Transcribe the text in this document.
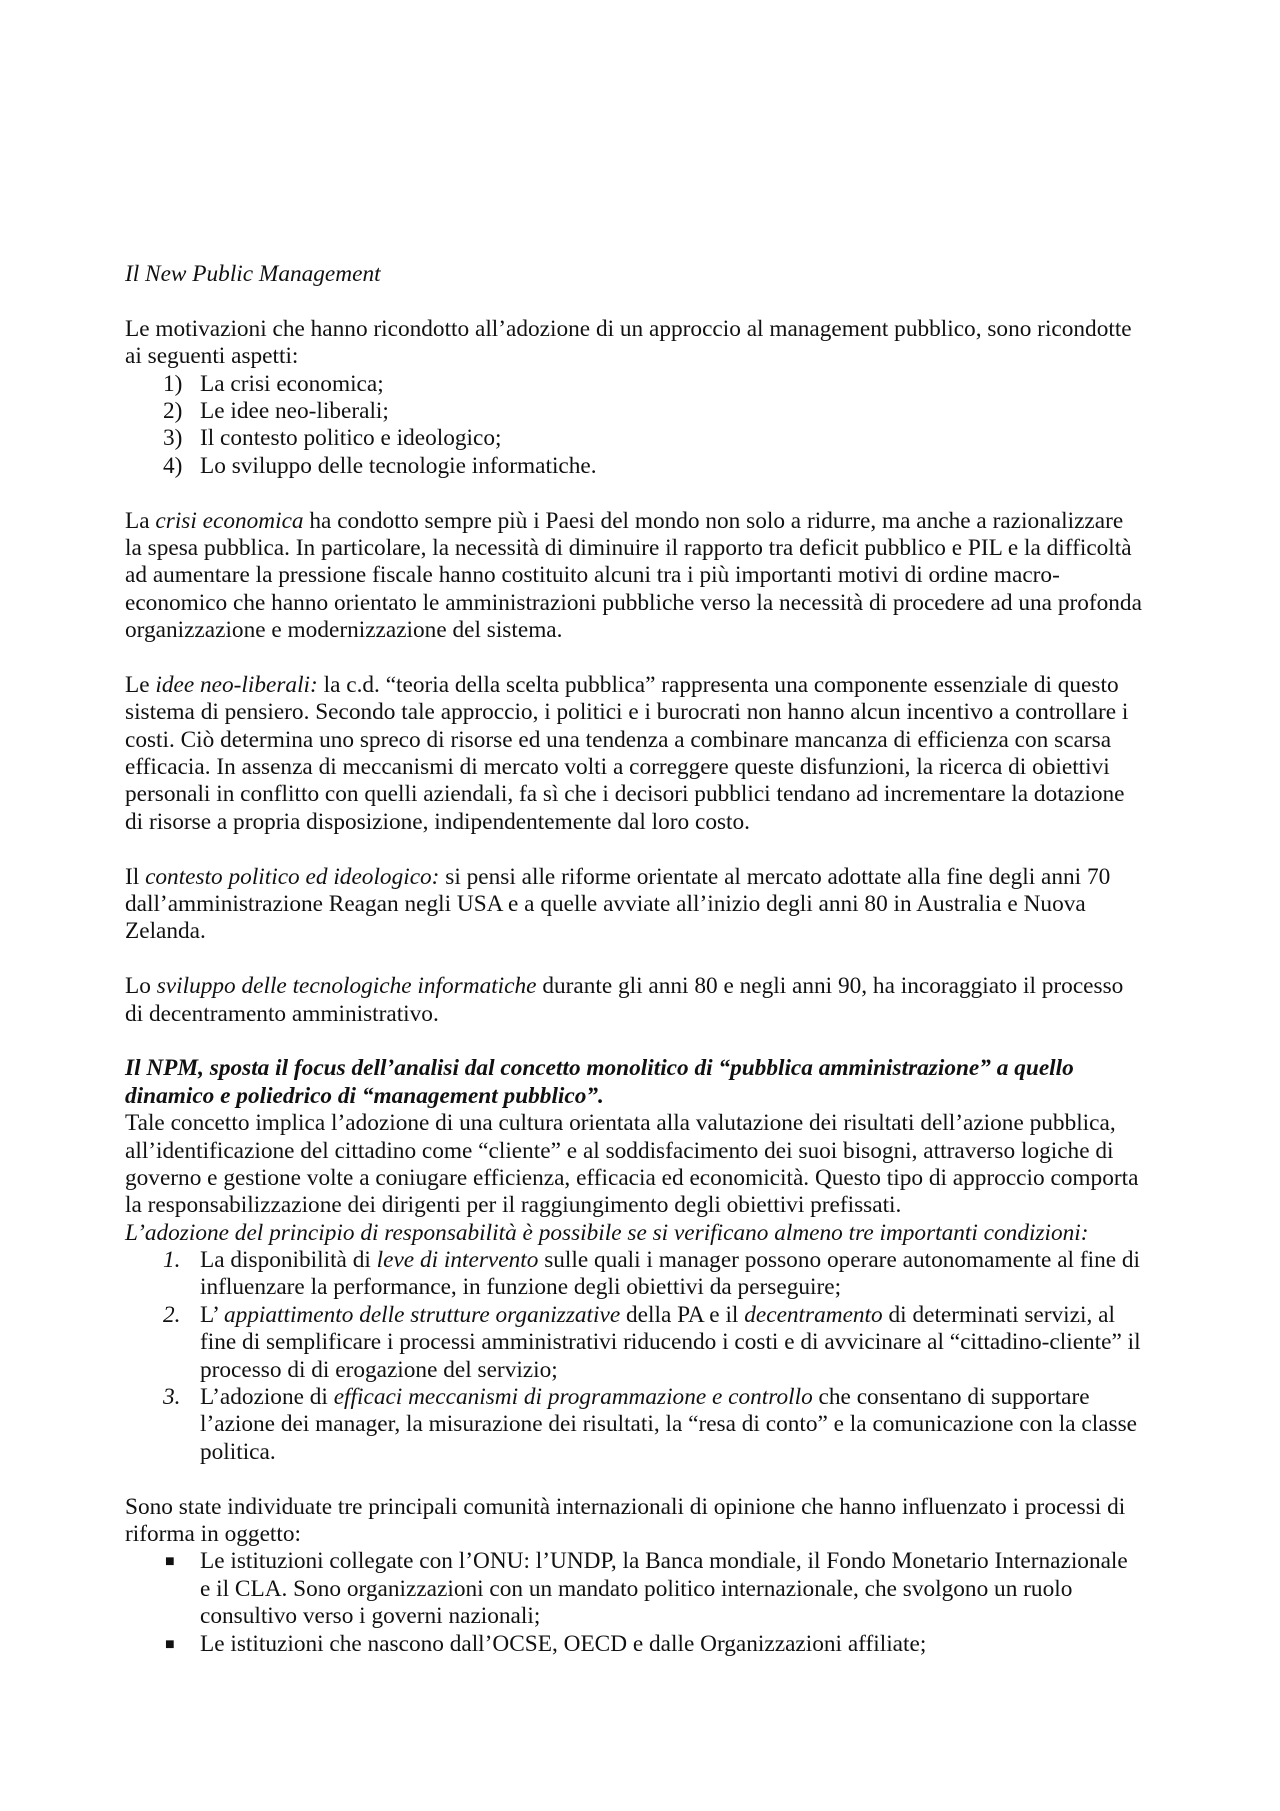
Il New Public Management
Le motivazioni che hanno ricondotto all’adozione di un approccio al management pubblico, sono ricondotte
ai seguenti aspetti:
1) La crisi economica;
2) Le idee neo-liberali;
3) Il contesto politico e ideologico;
4) Lo sviluppo delle tecnologie informatiche.
La crisi economica ha condotto sempre più i Paesi del mondo non solo a ridurre, ma anche a razionalizzare
la spesa pubblica. In particolare, la necessità di diminuire il rapporto tra deficit pubblico e PIL e la difficoltà
ad aumentare la pressione fiscale hanno costituito alcuni tra i più importanti motivi di ordine macro-
economico che hanno orientato le amministrazioni pubbliche verso la necessità di procedere ad una profonda
organizzazione e modernizzazione del sistema.
Le idee neo-liberali: la c.d. “teoria della scelta pubblica” rappresenta una componente essenziale di questo
sistema di pensiero. Secondo tale approccio, i politici e i burocrati non hanno alcun incentivo a controllare i
costi. Ciò determina uno spreco di risorse ed una tendenza a combinare mancanza di efficienza con scarsa
efficacia. In assenza di meccanismi di mercato volti a correggere queste disfunzioni, la ricerca di obiettivi
personali in conflitto con quelli aziendali, fa sì che i decisori pubblici tendano ad incrementare la dotazione
di risorse a propria disposizione, indipendentemente dal loro costo.
Il contesto politico ed ideologico: si pensi alle riforme orientate al mercato adottate alla fine degli anni 70
dall’amministrazione Reagan negli USA e a quelle avviate all’inizio degli anni 80 in Australia e Nuova
Zelanda.
Lo sviluppo delle tecnologiche informatiche durante gli anni 80 e negli anni 90, ha incoraggiato il processo
di decentramento amministrativo.
Il NPM, sposta il focus dell’analisi dal concetto monolitico di “pubblica amministrazione” a quello
dinamico e poliedrico di “management pubblico”.
Tale concetto implica l’adozione di una cultura orientata alla valutazione dei risultati dell’azione pubblica,
all’identificazione del cittadino come “cliente” e al soddisfacimento dei suoi bisogni, attraverso logiche di
governo e gestione volte a coniugare efficienza, efficacia ed economicità. Questo tipo di approccio comporta
la responsabilizzazione dei dirigenti per il raggiungimento degli obiettivi prefissati.
L’adozione del principio di responsabilità è possibile se si verificano almeno tre importanti condizioni:
1. La disponibilità di leve di intervento sulle quali i manager possono operare autonomamente al fine di
influenzare la performance, in funzione degli obiettivi da perseguire;
2. L’ appiattimento delle strutture organizzative della PA e il decentramento di determinati servizi, al
fine di semplificare i processi amministrativi riducendo i costi e di avvicinare al “cittadino-cliente” il
processo di di erogazione del servizio;
3. L’adozione di efficaci meccanismi di programmazione e controllo che consentano di supportare
l’azione dei manager, la misurazione dei risultati, la “resa di conto” e la comunicazione con la classe
politica.
Sono state individuate tre principali comunità internazionali di opinione che hanno influenzato i processi di
riforma in oggetto:
■ Le istituzioni collegate con l’ONU: l’UNDP, la Banca mondiale, il Fondo Monetario Internazionale
e il CLA. Sono organizzazioni con un mandato politico internazionale, che svolgono un ruolo
consultivo verso i governi nazionali;
■ Le istituzioni che nascono dall’OCSE, OECD e dalle Organizzazioni affiliate;
